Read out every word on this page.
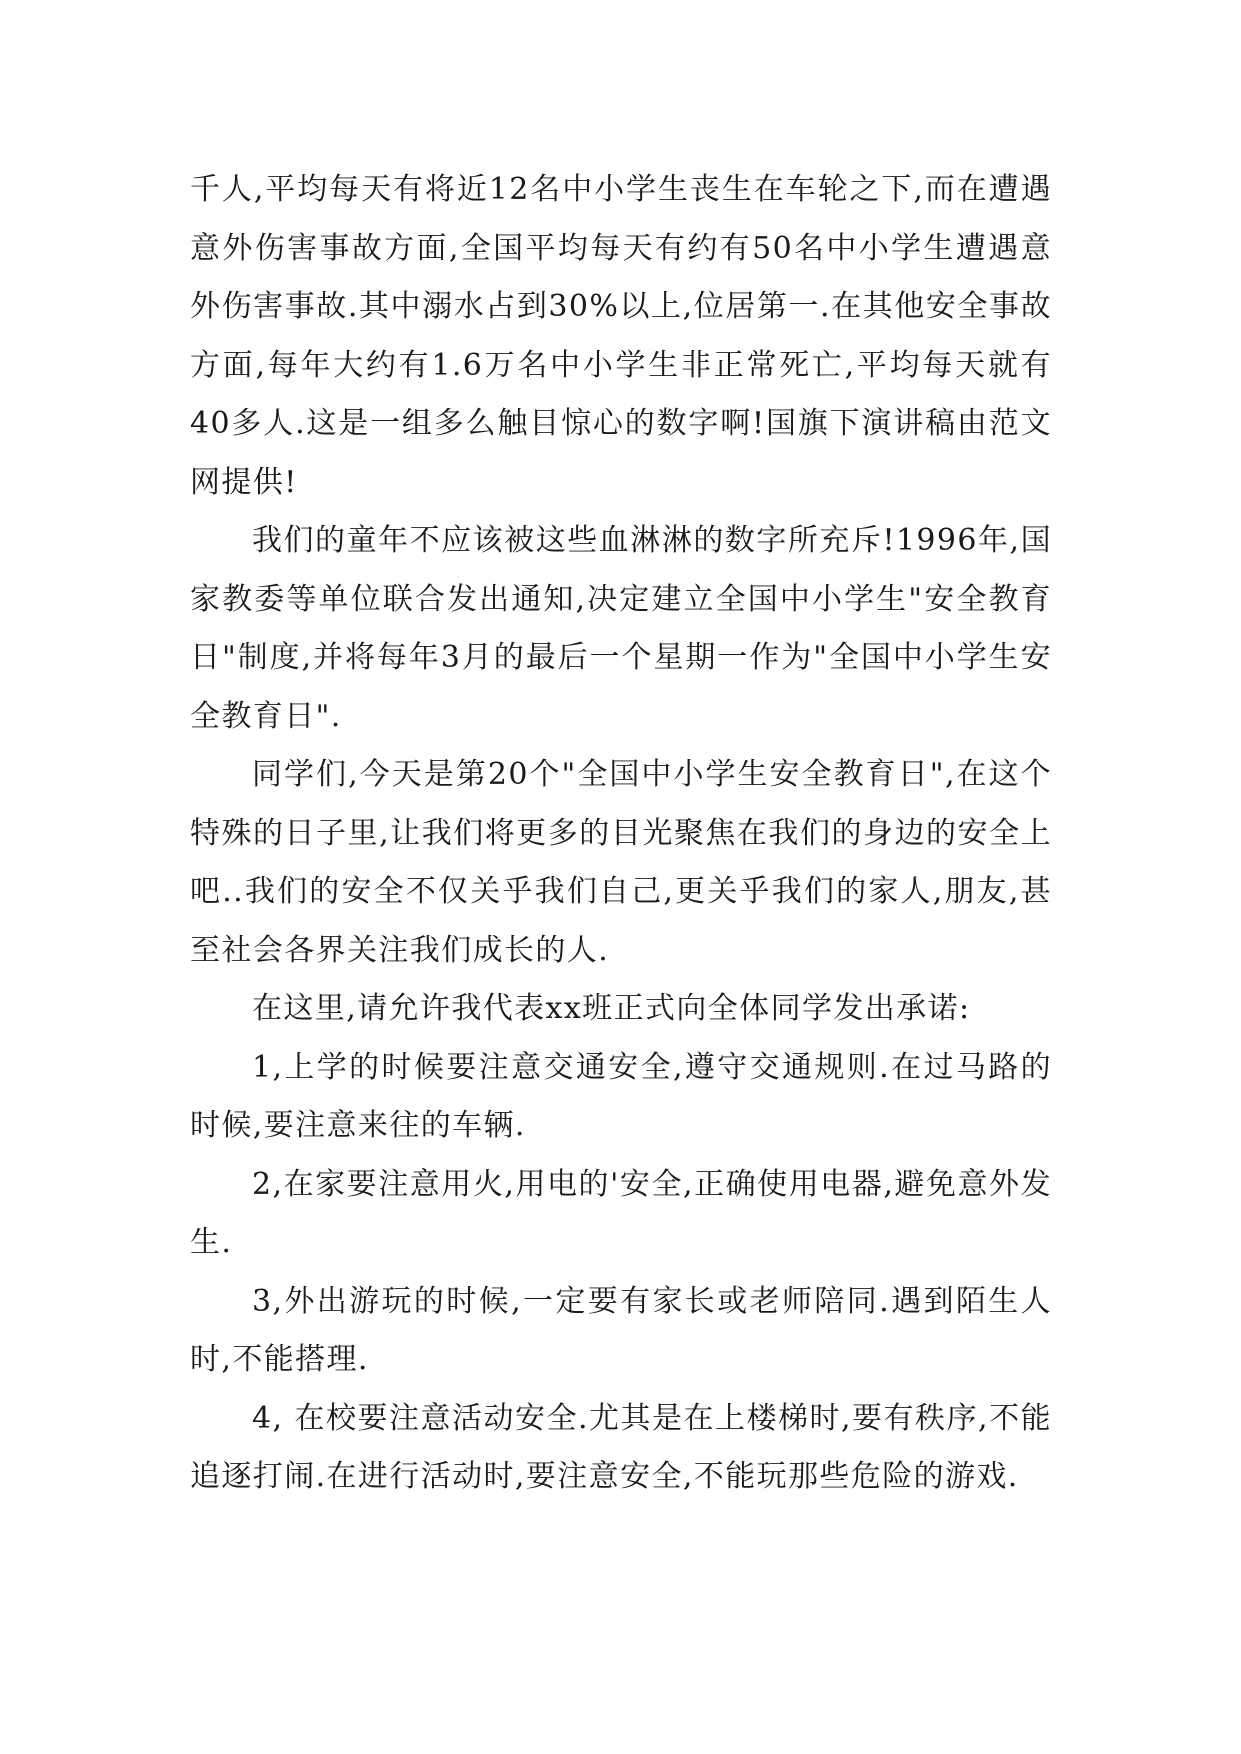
千人,平均每天有将近12名中小学生丧生在车轮之下,而在遭遇意外伤害事故方面,全国平均每天有约有50名中小学生遭遇意外伤害事故.其中溺水占到30%以上,位居第一.在其他安全事故方面,每年大约有1.6万名中小学生非正常死亡,平均每天就有40多人.这是一组多么触目惊心的数字啊!国旗下演讲稿由范文网提供!

我们的童年不应该被这些血淋淋的数字所充斥!1996年,国家教委等单位联合发出通知,决定建立全国中小学生"安全教育日"制度,并将每年3月的最后一个星期一作为"全国中小学生安全教育日".

同学们,今天是第20个"全国中小学生安全教育日",在这个特殊的日子里,让我们将更多的目光聚焦在我们的身边的安全上吧..我们的安全不仅关乎我们自己,更关乎我们的家人,朋友,甚至社会各界关注我们成长的人.

在这里,请允许我代表xx班正式向全体同学发出承诺:

1,上学的时候要注意交通安全,遵守交通规则.在过马路的时候,要注意来往的车辆.

2,在家要注意用火,用电的'安全,正确使用电器,避免意外发生.

3,外出游玩的时候,一定要有家长或老师陪同.遇到陌生人时,不能搭理.

4, 在校要注意活动安全.尤其是在上楼梯时,要有秩序,不能追逐打闹.在进行活动时,要注意安全,不能玩那些危险的游戏.
